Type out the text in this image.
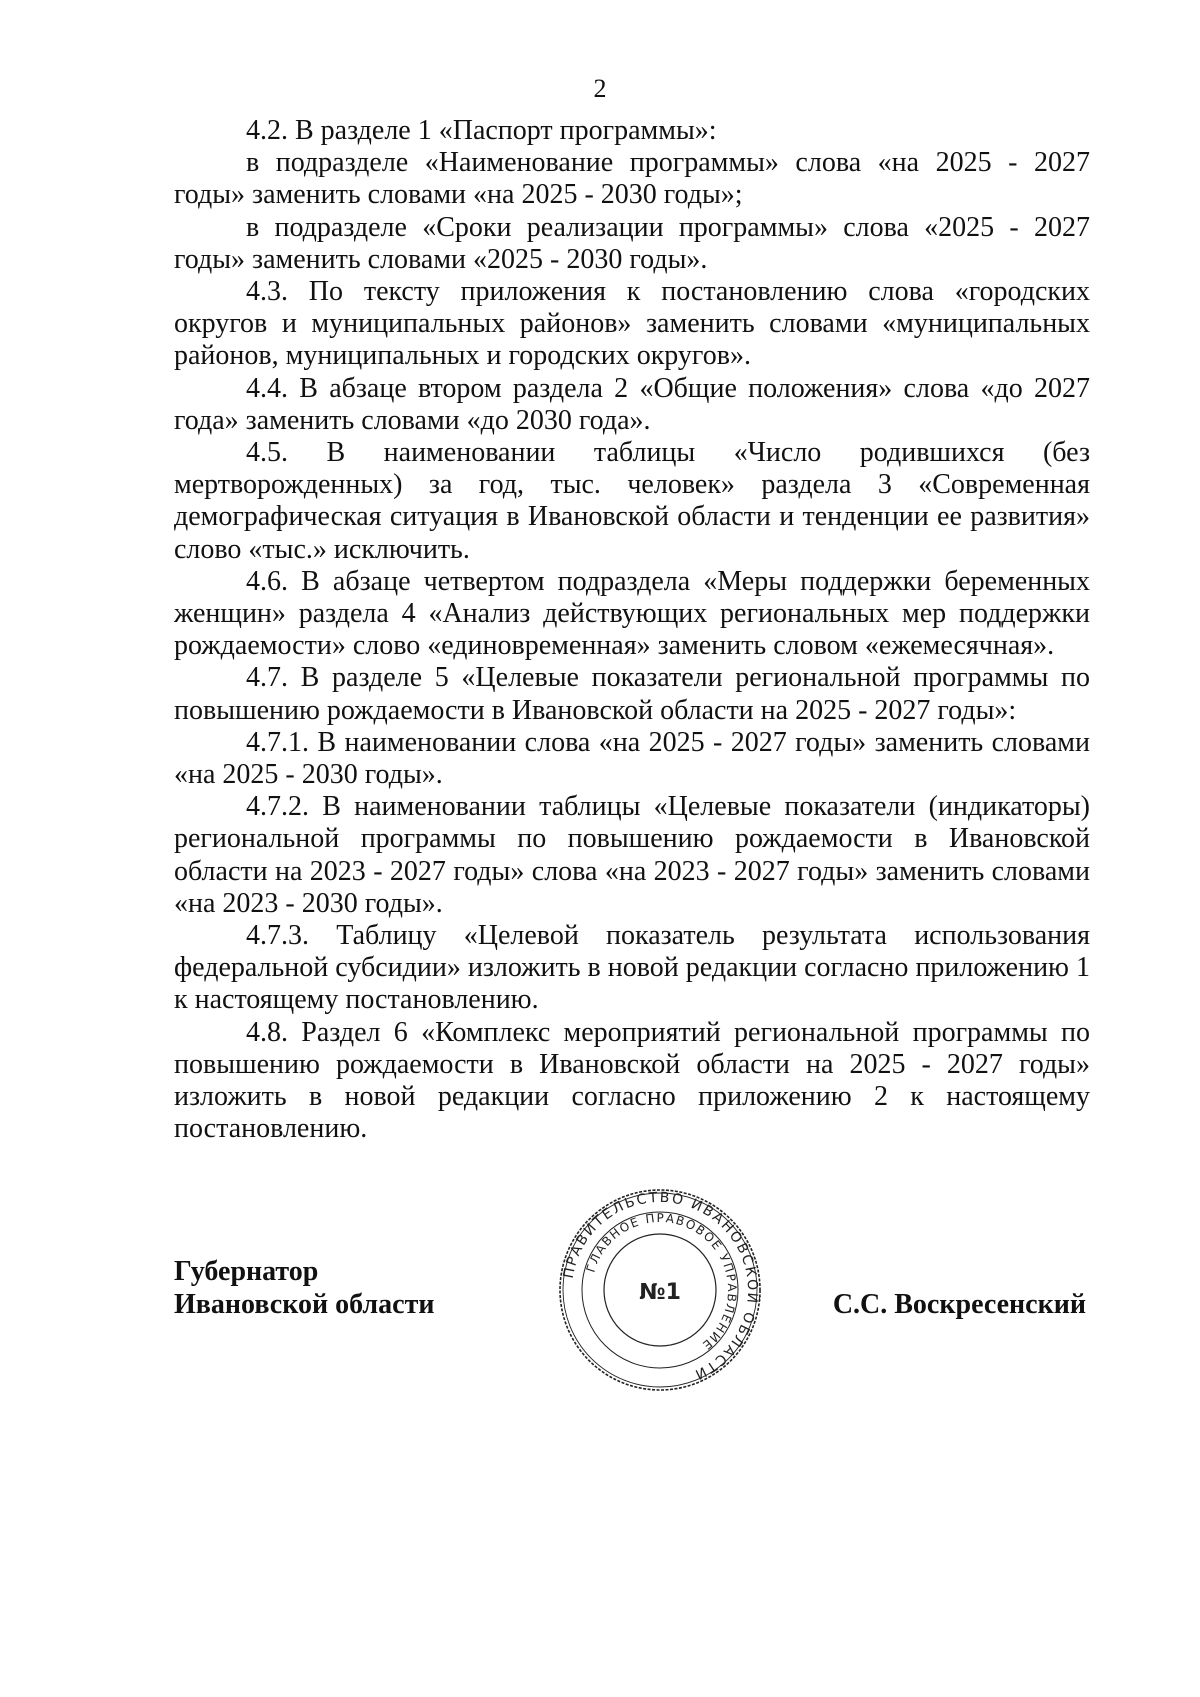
2

4.2. В разделе 1 «Паспорт программы»:

в подразделе «Наименование программы» слова «на 2025 - 2027 годы» заменить словами «на 2025 - 2030 годы»;

в подразделе «Сроки реализации программы» слова «2025 - 2027 годы» заменить словами «2025 - 2030 годы».

4.3. По тексту приложения к постановлению слова «городских округов и муниципальных районов» заменить словами «муниципальных районов, муниципальных и городских округов».

4.4. В абзаце втором раздела 2 «Общие положения» слова «до 2027 года» заменить словами «до 2030 года».

4.5. В наименовании таблицы «Число родившихся (без мертворожденных) за год, тыс. человек» раздела 3 «Современная демографическая ситуация в Ивановской области и тенденции ее развития» слово «тыс.» исключить.

4.6. В абзаце четвертом подраздела «Меры поддержки беременных женщин» раздела 4 «Анализ действующих региональных мер поддержки рождаемости» слово «единовременная» заменить словом «ежемесячная».

4.7. В разделе 5 «Целевые показатели региональной программы по повышению рождаемости в Ивановской области на 2025 - 2027 годы»:

4.7.1. В наименовании слова «на 2025 - 2027 годы» заменить словами «на 2025 - 2030 годы».

4.7.2. В наименовании таблицы «Целевые показатели (индикаторы) региональной программы по повышению рождаемости в Ивановской области на 2023 - 2027 годы» слова «на 2023 - 2027 годы» заменить словами «на 2023 - 2030 годы».

4.7.3. Таблицу «Целевой показатель результата использования федеральной субсидии» изложить в новой редакции согласно приложению 1 к настоящему постановлению.

4.8. Раздел 6 «Комплекс мероприятий региональной программы по повышению рождаемости в Ивановской области на 2025 - 2027 годы» изложить в новой редакции согласно приложению 2 к настоящему постановлению.

Губернатор
Ивановской области	С.С. Воскресенский
ПРАВИТЕЛЬСТВО ИВАНОВСКОЙ ОБЛАСТИ
ГЛАВНОЕ ПРАВОВОЕ УПРАВЛЕНИЕ
№1
